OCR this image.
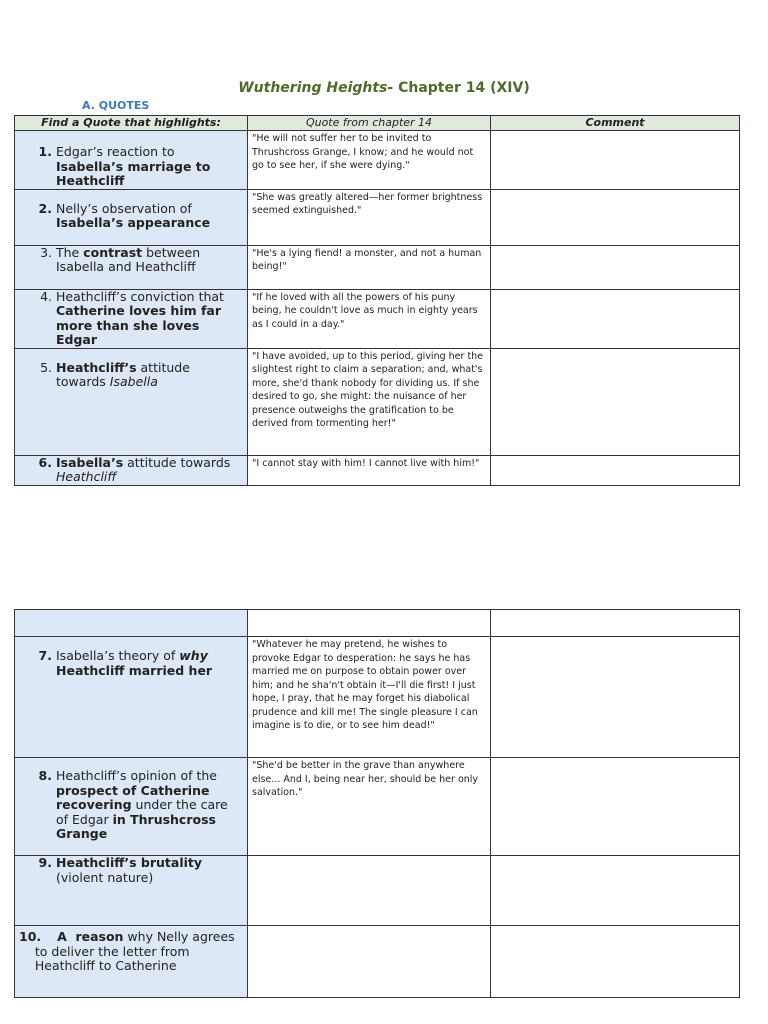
Wuthering Heights- Chapter 14 (XIV)
A. QUOTES
Find a Quote that highlights:	Quote from chapter 14	Comment

1. Edgar’s reaction to Isabella’s marriage to Heathcliff	"He will not suffer her to be invited to Thrushcross Grange, I know; and he would not go to see her, if she were dying."	

2. Nelly’s observation of Isabella’s appearance	"She was greatly altered—her former brightness seemed extinguished."	

3. The contrast between Isabella and Heathcliff	"He's a lying fiend! a monster, and not a human being!"	

4. Heathcliff’s conviction that Catherine loves him far more than she loves Edgar	"If he loved with all the powers of his puny being, he couldn't love as much in eighty years as I could in a day."	

5. Heathcliff’s attitude towards Isabella	"I have avoided, up to this period, giving her the slightest right to claim a separation; and, what's more, she'd thank nobody for dividing us. If she desired to go, she might: the nuisance of her presence outweighs the gratification to be derived from tormenting her!"	

6. Isabella’s attitude towards Heathcliff	"I cannot stay with him! I cannot live with him!"	

7. Isabella’s theory of why Heathcliff married her	"Whatever he may pretend, he wishes to provoke Edgar to desperation: he says he has married me on purpose to obtain power over him; and he sha'n't obtain it—I'll die first! I just hope, I pray, that he may forget his diabolical prudence and kill me! The single pleasure I can imagine is to die, or to see him dead!"	

8. Heathcliff’s opinion of the prospect of Catherine recovering under the care of Edgar in Thrushcross Grange	"She'd be better in the grave than anywhere else... And I, being near her, should be her only salvation."	

9. Heathcliff’s brutality
(violent nature)		

10. A  reason why Nelly agrees
to deliver the letter from
Heathcliff to Catherine		
